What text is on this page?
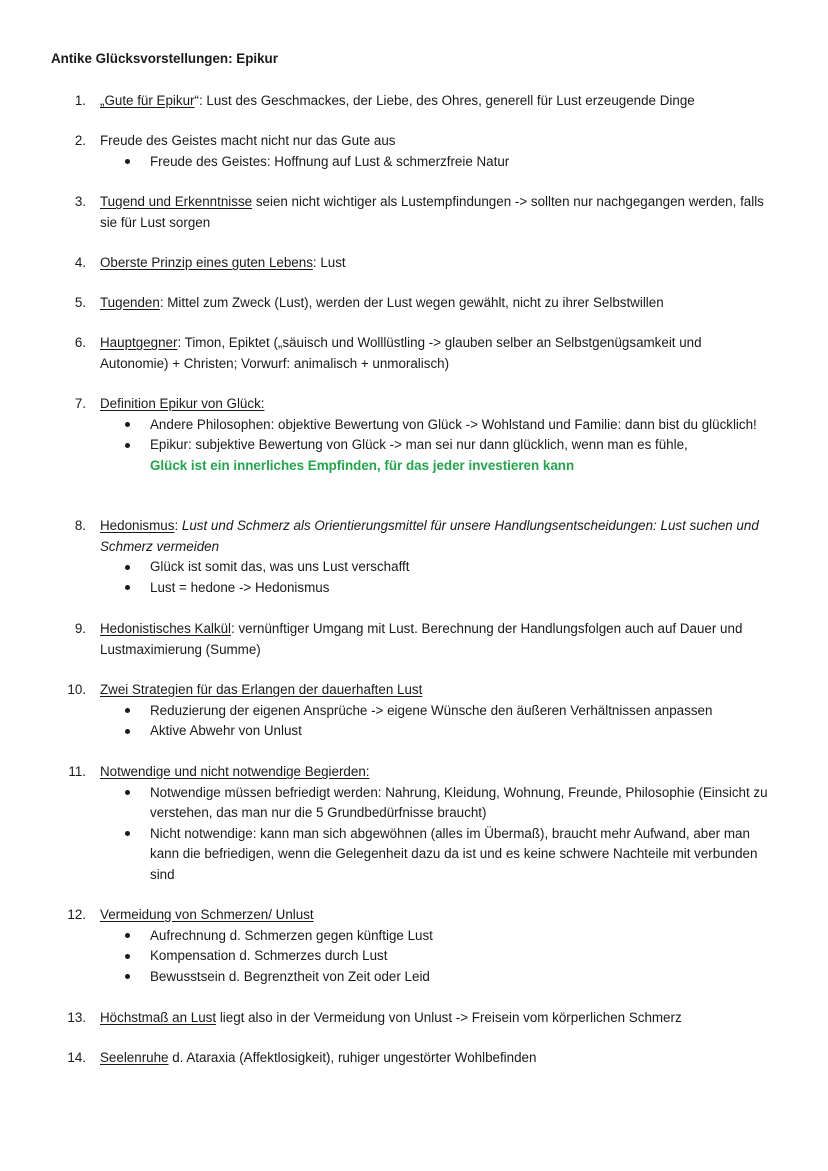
Antike Glücksvorstellungen: Epikur
1. „Gute für Epikur“: Lust des Geschmackes, der Liebe, des Ohres, generell für Lust erzeugende Dinge
2. Freude des Geistes macht nicht nur das Gute aus
Freude des Geistes: Hoffnung auf Lust & schmerzfreie Natur
3. Tugend und Erkenntnisse seien nicht wichtiger als Lustempfindungen -> sollten nur nachgegangen werden, falls sie für Lust sorgen
4. Oberste Prinzip eines guten Lebens: Lust
5. Tugenden: Mittel zum Zweck (Lust), werden der Lust wegen gewählt, nicht zu ihrer Selbstwillen
6. Hauptgegner: Timon, Epiktet („säuisch und Wolllüstling -> glauben selber an Selbstgenügsamkeit und Autonomie) + Christen; Vorwurf: animalisch + unmoralisch)
7. Definition Epikur von Glück:
Andere Philosophen: objektive Bewertung von Glück -> Wohlstand und Familie: dann bist du glücklich!
Epikur: subjektive Bewertung von Glück -> man sei nur dann glücklich, wenn man es fühle,
Glück ist ein innerliches Empfinden, für das jeder investieren kann
8. Hedonismus: Lust und Schmerz als Orientierungsmittel für unsere Handlungsentscheidungen: Lust suchen und Schmerz vermeiden
Glück ist somit das, was uns Lust verschafft
Lust = hedone -> Hedonismus
9. Hedonistisches Kalkül: vernünftiger Umgang mit Lust. Berechnung der Handlungsfolgen auch auf Dauer und Lustmaximierung (Summe)
10. Zwei Strategien für das Erlangen der dauerhaften Lust
Reduzierung der eigenen Ansprüche -> eigene Wünsche den äußeren Verhältnissen anpassen
Aktive Abwehr von Unlust
11. Notwendige und nicht notwendige Begierden:
Notwendige müssen befriedigt werden: Nahrung, Kleidung, Wohnung, Freunde, Philosophie (Einsicht zu verstehen, das man nur die 5 Grundbedürfnisse braucht)
Nicht notwendige: kann man sich abgewöhnen (alles im Übermaß), braucht mehr Aufwand, aber man kann die befriedigen, wenn die Gelegenheit dazu da ist und es keine schwere Nachteile mit verbunden sind
12. Vermeidung von Schmerzen/ Unlust
Aufrechnung d. Schmerzen gegen künftige Lust
Kompensation d. Schmerzes durch Lust
Bewusstsein d. Begrenztheit von Zeit oder Leid
13. Höchstmaß an Lust liegt also in der Vermeidung von Unlust -> Freisein vom körperlichen Schmerz
14. Seelenruhe d. Ataraxia (Affektlosigkeit), ruhiger ungestörter Wohlbefinden
